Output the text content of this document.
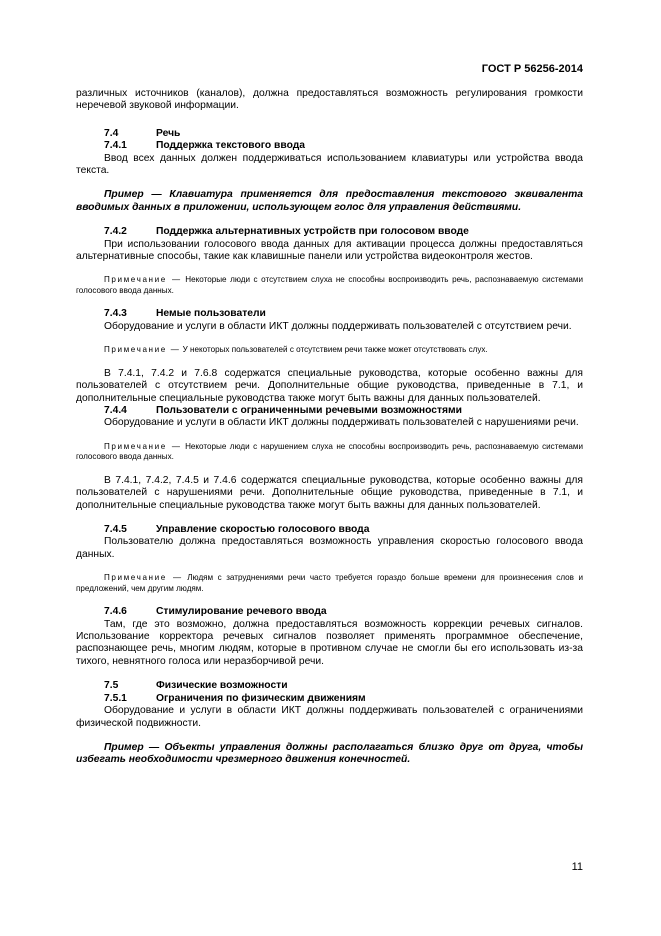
ГОСТ Р 56256-2014

различных источников (каналов), должна предоставляться возможность регулирования громкости неречевой звуковой информации.

7.4	Речь
7.4.1	Поддержка текстового ввода

Ввод всех данных должен поддерживаться использованием клавиатуры или устройства ввода текста.

Пример — Клавиатура применяется для предоставления текстового эквивалента вводимых данных в приложении, использующем голос для управления действиями.

7.4.2	Поддержка альтернативных устройств при голосовом вводе

При использовании голосового ввода данных для активации процесса должны предоставляться альтернативные способы, такие как клавишные панели или устройства видеоконтроля жестов.

Примечание — Некоторые люди с отсутствием слуха не способны воспроизводить речь, распознаваемую системами голосового ввода данных.

7.4.3	Немые пользователи

Оборудование и услуги в области ИКТ должны поддерживать пользователей с отсутствием речи.

Примечание — У некоторых пользователей с отсутствием речи также может отсутствовать слух.

В 7.4.1, 7.4.2 и 7.6.8 содержатся специальные руководства, которые особенно важны для пользователей с отсутствием речи. Дополнительные общие руководства, приведенные в 7.1, и дополнительные специальные руководства также могут быть важны для данных пользователей.

7.4.4	Пользователи с ограниченными речевыми возможностями

Оборудование и услуги в области ИКТ должны поддерживать пользователей с нарушениями речи.

Примечание — Некоторые люди с нарушением слуха не способны воспроизводить речь, распознаваемую системами голосового ввода данных.

В 7.4.1, 7.4.2, 7.4.5 и 7.4.6 содержатся специальные руководства, которые особенно важны для пользователей с нарушениями речи. Дополнительные общие руководства, приведенные в 7.1, и дополнительные специальные руководства также могут быть важны для данных пользователей.

7.4.5	Управление скоростью голосового ввода

Пользователю должна предоставляться возможность управления скоростью голосового ввода данных.

Примечание — Людям с затруднениями речи часто требуется гораздо больше времени для произнесения слов и предложений, чем другим людям.

7.4.6	Стимулирование речевого ввода

Там, где это возможно, должна предоставляться возможность коррекции речевых сигналов. Использование корректора речевых сигналов позволяет применять программное обеспечение, распознающее речь, многим людям, которые в противном случае не смогли бы его использовать из-за тихого, невнятного голоса или неразборчивой речи.

7.5	Физические возможности
7.5.1	Ограничения по физическим движениям

Оборудование и услуги в области ИКТ должны поддерживать пользователей с ограничениями физической подвижности.

Пример — Объекты управления должны располагаться близко друг от друга, чтобы избегать необходимости чрезмерного движения конечностей.

11
